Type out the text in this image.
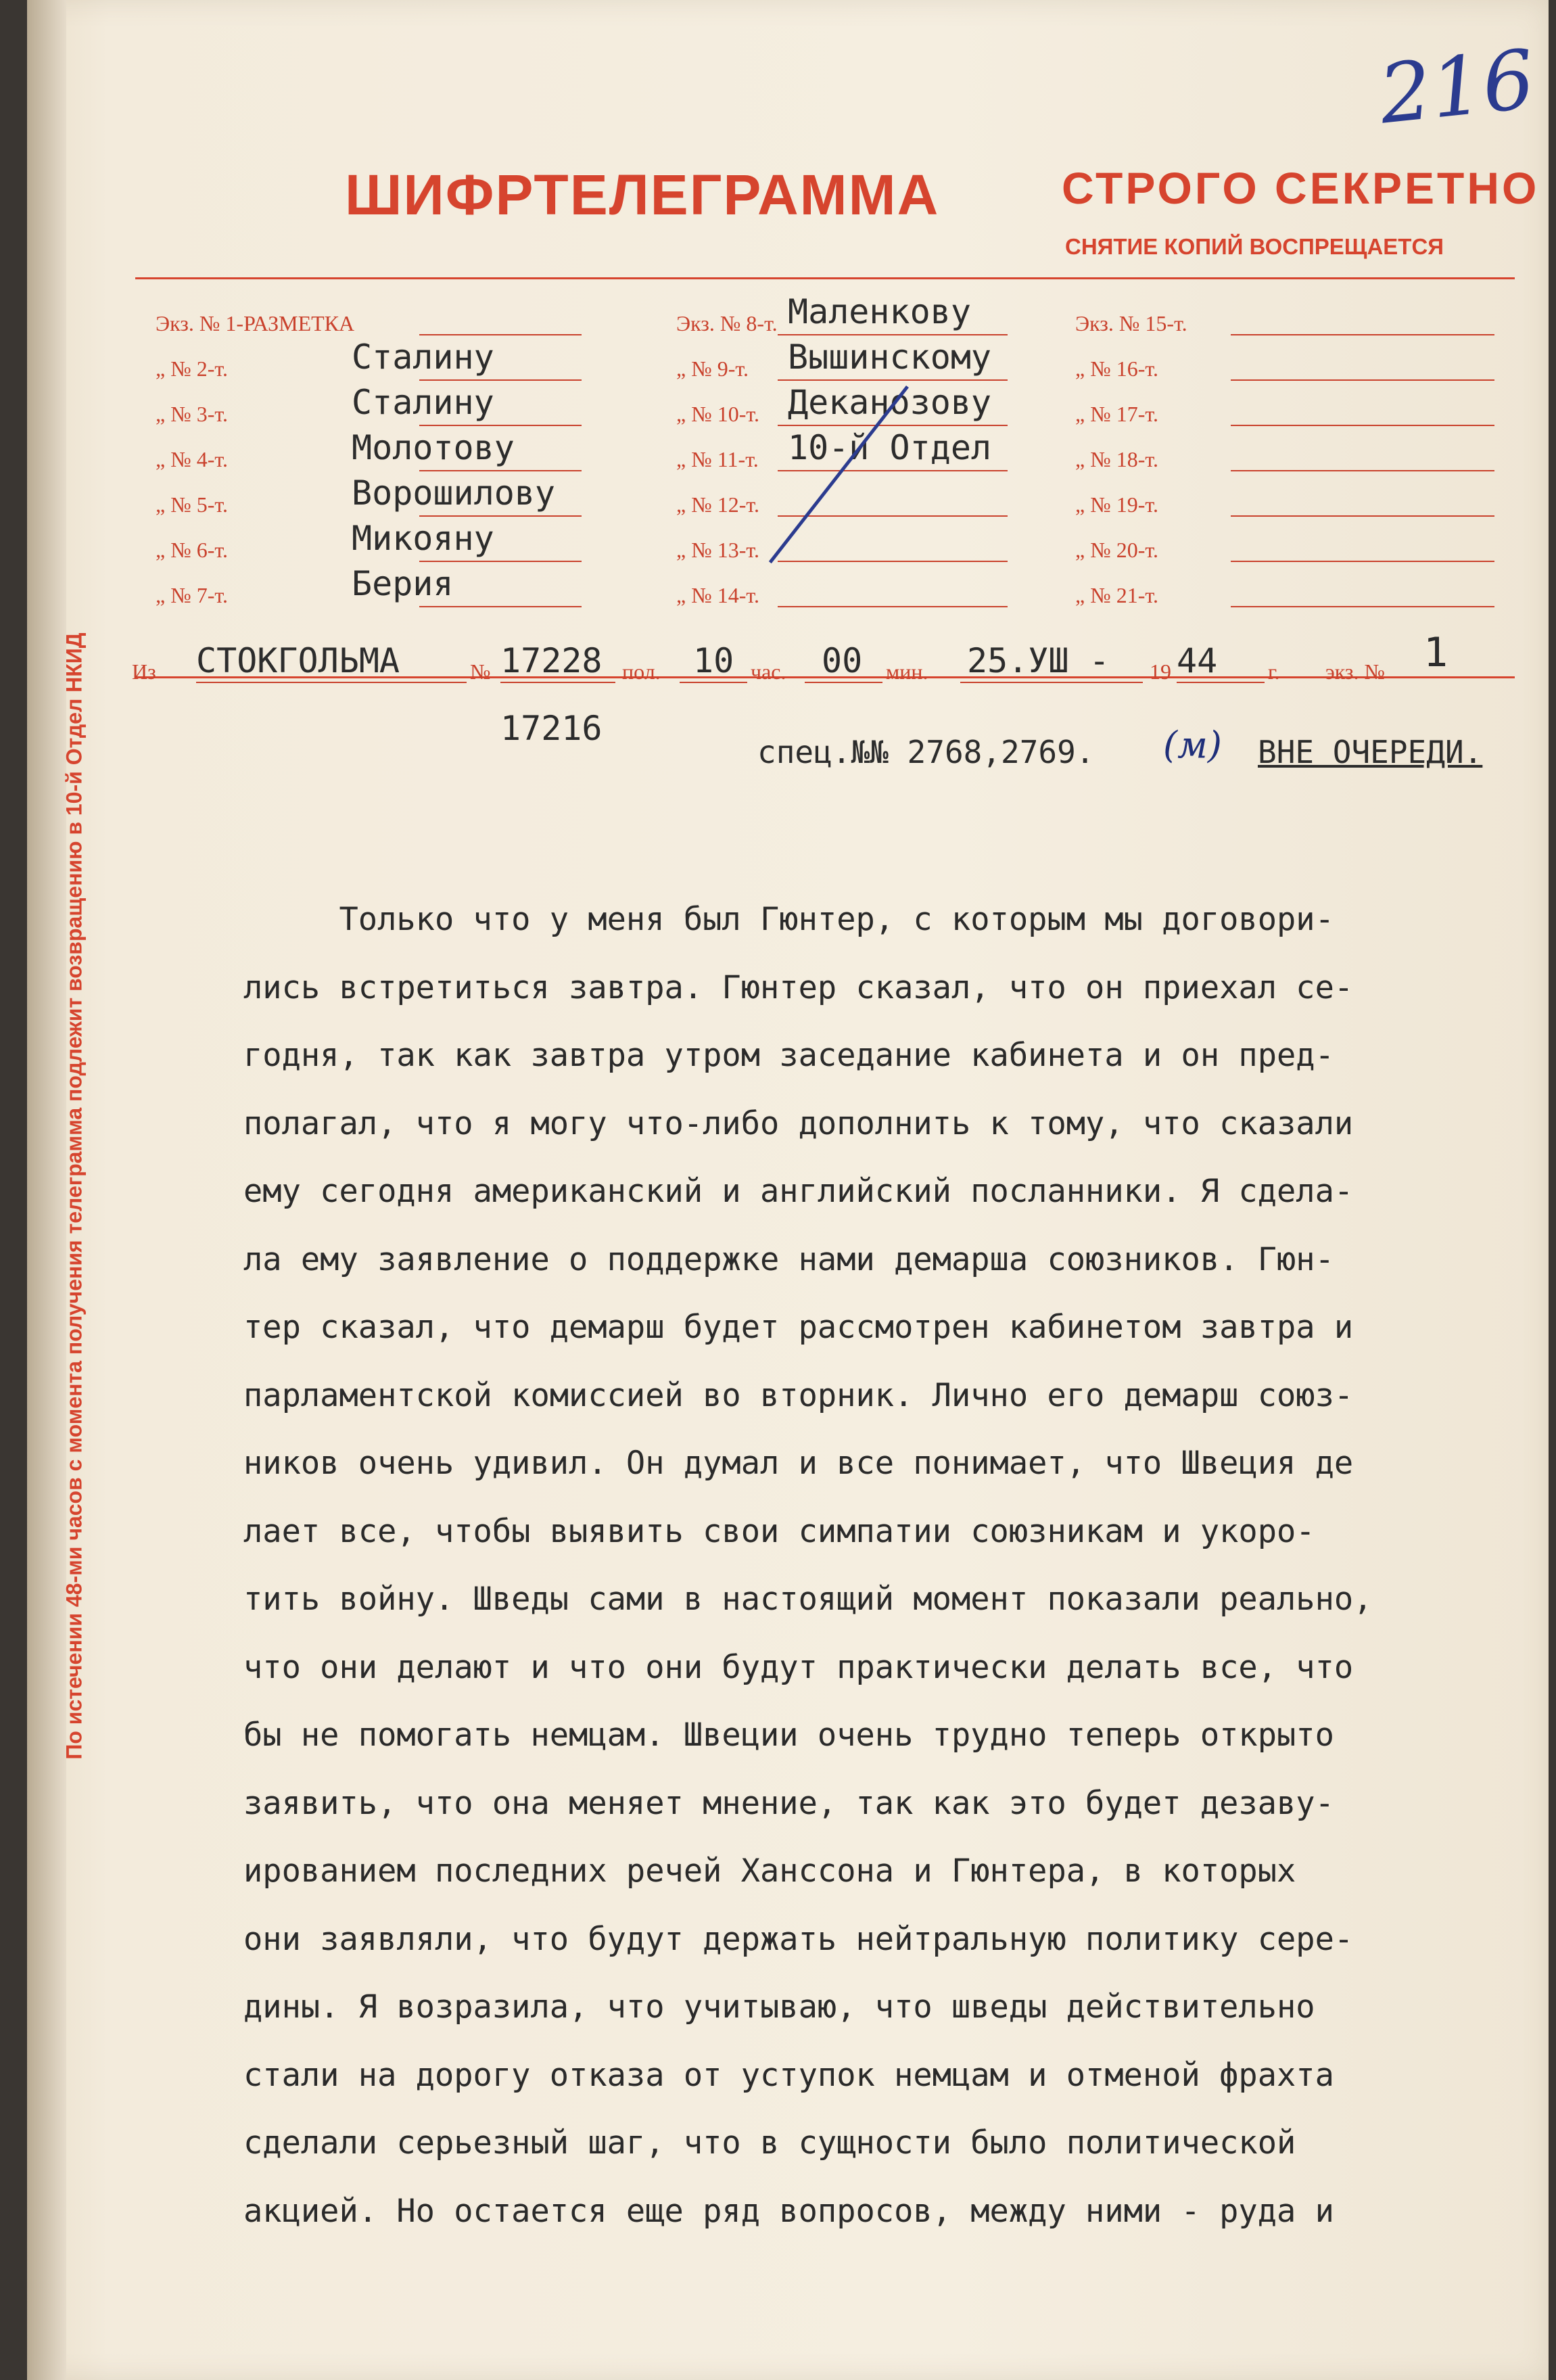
216
ШИФРТЕЛЕГРАММА	СТРОГО СЕКРЕТНО
СНЯТИЕ КОПИЙ ВОСПРЕЩАЕТСЯ
По истечении 48-ми часов с момента получения телеграмма подлежит возвращению в 10-й Отдел НКИД
Экз. № 1-РАЗМЕТКА
„ № 2-т.	Сталину
„ № 3-т.	Сталину
„ № 4-т.	Молотову
„ № 5-т.	Ворошилову
„ № 6-т.	Микояну
„ № 7-т.	Берия
Экз. № 8-т. Маленкову
„ № 9-т. Вышинскому
„ № 10-т. Деканозову
„ № 11-т. 10-й Отдел
„ № 12-т.
„ № 13-т.
„ № 14-т.
Экз. № 15-т.
„ № 16-т.
„ № 17-т.
„ № 18-т.
„ № 19-т.
„ № 20-т.
„ № 21-т.
Из СТОКГОЛЬМА	№ 17228 пол. 10 час. 00 мин. 25.УШ - 19 44 г. экз. № 1
17216
спец.№№ 2768,2769. (м) ВНЕ ОЧЕРЕДИ.
Только что у меня был Гюнтер, с которым мы договори-
лись встретиться завтра. Гюнтер сказал, что он приехал се-
годня, так как завтра утром заседание кабинета и он пред-
полагал, что я могу что-либо дополнить к тому, что сказали
ему сегодня американский и английский посланники. Я сдела-
ла ему заявление о поддержке нами демарша союзников. Гюн-
тер сказал, что демарш будет рассмотрен кабинетом завтра и
парламентской комиссией во вторник. Лично его демарш союз-
ников очень удивил. Он думал и все понимает, что Швеция де
лает все, чтобы выявить свои симпатии союзникам и укоро-
тить войну. Шведы сами в настоящий момент показали реально,
что они делают и что они будут практически делать все, что
бы не помогать немцам. Швеции очень трудно теперь открыто
заявить, что она меняет мнение, так как это будет дезаву-
ированием последних речей Ханссона и Гюнтера, в которых
они заявляли, что будут держать нейтральную политику сере-
дины. Я возразила, что учитываю, что шведы действительно
стали на дорогу отказа от уступок немцам и отменой фрахта
сделали серьезный шаг, что в сущности было политической
акцией. Но остается еще ряд вопросов, между ними - руда и
